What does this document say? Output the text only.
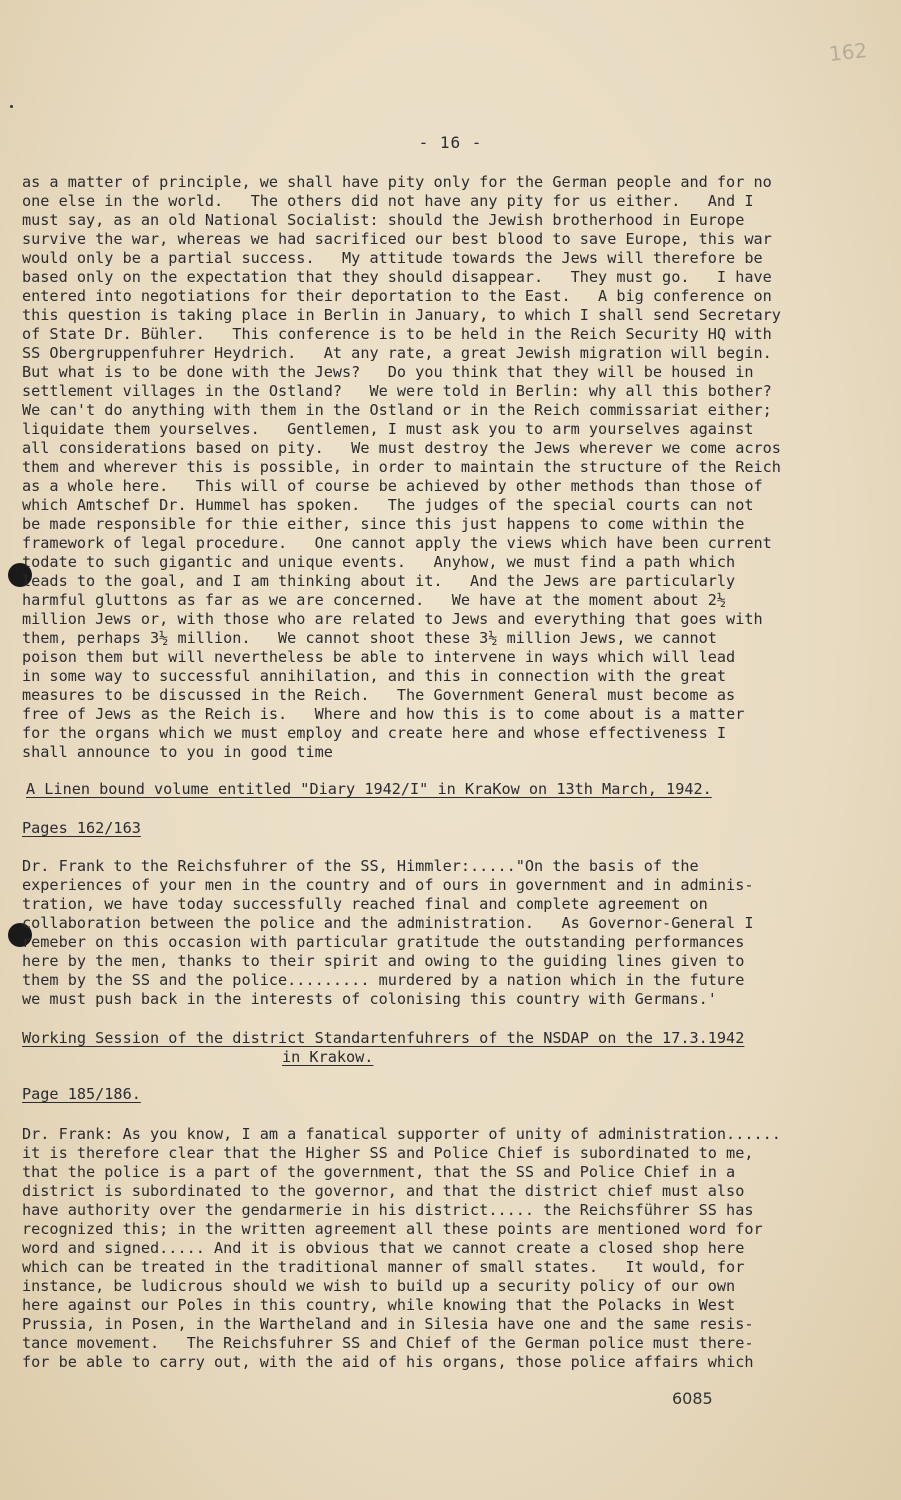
162
- 16 -
as a matter of principle, we shall have pity only for the German people and for no
one else in the world.   The others did not have any pity for us either.   And I
must say, as an old National Socialist: should the Jewish brotherhood in Europe
survive the war, whereas we had sacrificed our best blood to save Europe, this war
would only be a partial success.   My attitude towards the Jews will therefore be
based only on the expectation that they should disappear.   They must go.   I have
entered into negotiations for their deportation to the East.   A big conference on
this question is taking place in Berlin in January, to which I shall send Secretary
of State Dr. Bühler.   This conference is to be held in the Reich Security HQ with
SS Obergruppenfuhrer Heydrich.   At any rate, a great Jewish migration will begin.
But what is to be done with the Jews?   Do you think that they will be housed in
settlement villages in the Ostland?   We were told in Berlin: why all this bother?
We can't do anything with them in the Ostland or in the Reich commissariat either;
liquidate them yourselves.   Gentlemen, I must ask you to arm yourselves against
all considerations based on pity.   We must destroy the Jews wherever we come acros
them and wherever this is possible, in order to maintain the structure of the Reich
as a whole here.   This will of course be achieved by other methods than those of
which Amtschef Dr. Hummel has spoken.   The judges of the special courts can not
be made responsible for thie either, since this just happens to come within the
framework of legal procedure.   One cannot apply the views which have been current
todate to such gigantic and unique events.   Anyhow, we must find a path which
leads to the goal, and I am thinking about it.   And the Jews are particularly
harmful gluttons as far as we are concerned.   We have at the moment about 2½
million Jews or, with those who are related to Jews and everything that goes with
them, perhaps 3½ million.   We cannot shoot these 3½ million Jews, we cannot
poison them but will nevertheless be able to intervene in ways which will lead
in some way to successful annihilation, and this in connection with the great
measures to be discussed in the Reich.   The Government General must become as
free of Jews as the Reich is.   Where and how this is to come about is a matter
for the organs which we must employ and create here and whose effectiveness I
shall announce to you in good time
A Linen bound volume entitled "Diary 1942/I" in KraKow on 13th March, 1942.
Pages 162/163
Dr. Frank to the Reichsfuhrer of the SS, Himmler:....."On the basis of the
experiences of your men in the country and of ours in government and in adminis-
tration, we have today successfully reached final and complete agreement on
collaboration between the police and the administration.   As Governor-General I
remeber on this occasion with particular gratitude the outstanding performances
here by the men, thanks to their spirit and owing to the guiding lines given to
them by the SS and the police......... murdered by a nation which in the future
we must push back in the interests of colonising this country with Germans.'
Working Session of the district Standartenfuhrers of the NSDAP on the 17.3.1942
in Krakow.
Page 185/186.
Dr. Frank: As you know, I am a fanatical supporter of unity of administration......
it is therefore clear that the Higher SS and Police Chief is subordinated to me,
that the police is a part of the government, that the SS and Police Chief in a
district is subordinated to the governor, and that the district chief must also
have authority over the gendarmerie in his district..... the Reichsführer SS has
recognized this; in the written agreement all these points are mentioned word for
word and signed..... And it is obvious that we cannot create a closed shop here
which can be treated in the traditional manner of small states.   It would, for
instance, be ludicrous should we wish to build up a security policy of our own
here against our Poles in this country, while knowing that the Polacks in West
Prussia, in Posen, in the Wartheland and in Silesia have one and the same resis-
tance movement.   The Reichsfuhrer SS and Chief of the German police must there-
for be able to carry out, with the aid of his organs, those police affairs which
6085
